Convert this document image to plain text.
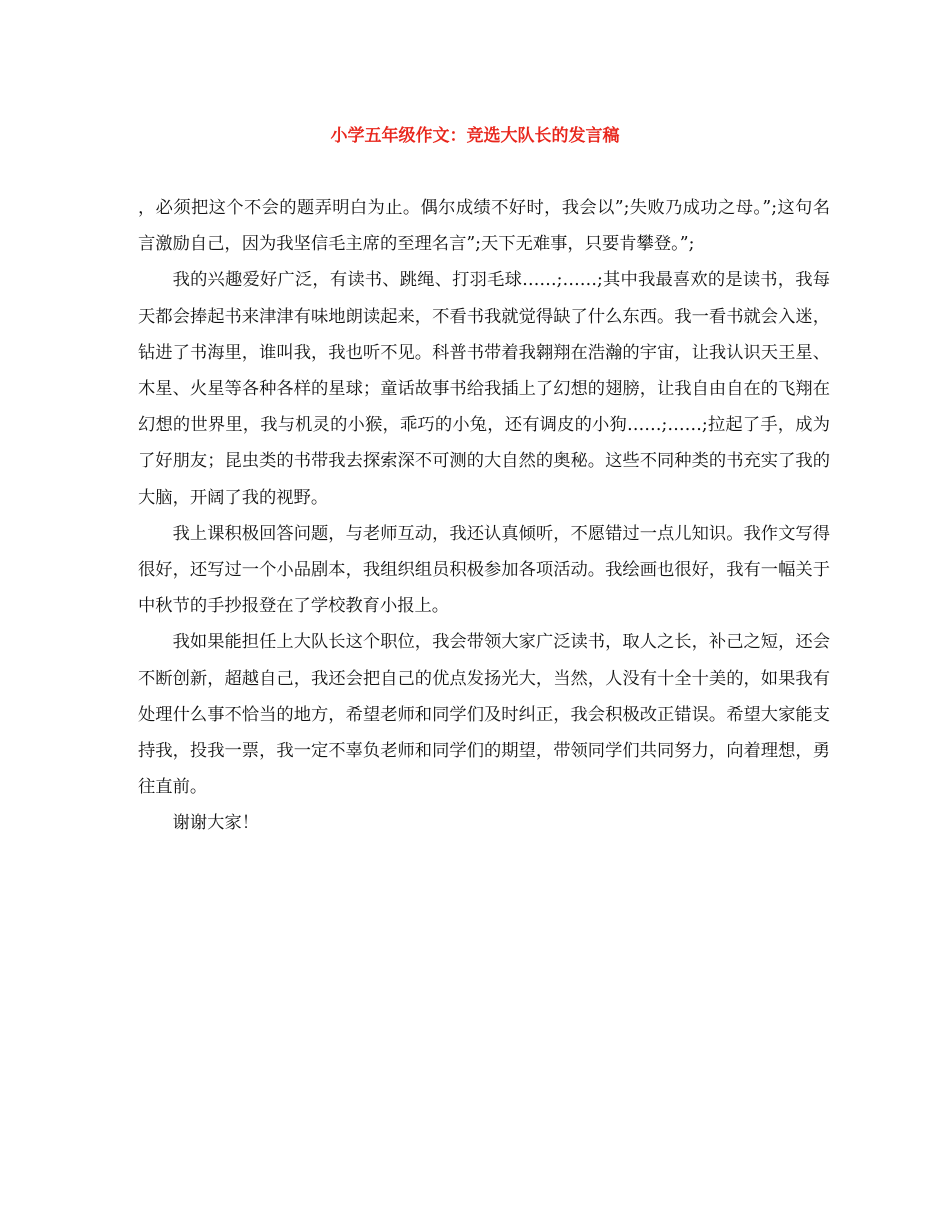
小学五年级作文：竞选大队长的发言稿

，必须把这个不会的题弄明白为止。偶尔成绩不好时，我会以”;失败乃成功之母。”;这句名言激励自己，因为我坚信毛主席的至理名言”;天下无难事，只要肯攀登。”;

我的兴趣爱好广泛，有读书、跳绳、打羽毛球……;……;其中我最喜欢的是读书，我每天都会捧起书来津津有味地朗读起来，不看书我就觉得缺了什么东西。我一看书就会入迷，钻进了书海里，谁叫我，我也听不见。科普书带着我翱翔在浩瀚的宇宙，让我认识天王星、木星、火星等各种各样的星球；童话故事书给我插上了幻想的翅膀，让我自由自在的飞翔在幻想的世界里，我与机灵的小猴，乖巧的小兔，还有调皮的小狗……;……;拉起了手，成为了好朋友；昆虫类的书带我去探索深不可测的大自然的奥秘。这些不同种类的书充实了我的大脑，开阔了我的视野。

我上课积极回答问题，与老师互动，我还认真倾听，不愿错过一点儿知识。我作文写得很好，还写过一个小品剧本，我组织组员积极参加各项活动。我绘画也很好，我有一幅关于中秋节的手抄报登在了学校教育小报上。

我如果能担任上大队长这个职位，我会带领大家广泛读书，取人之长，补己之短，还会不断创新，超越自己，我还会把自己的优点发扬光大，当然，人没有十全十美的，如果我有处理什么事不恰当的地方，希望老师和同学们及时纠正，我会积极改正错误。希望大家能支持我，投我一票，我一定不辜负老师和同学们的期望，带领同学们共同努力，向着理想，勇往直前。

谢谢大家！
